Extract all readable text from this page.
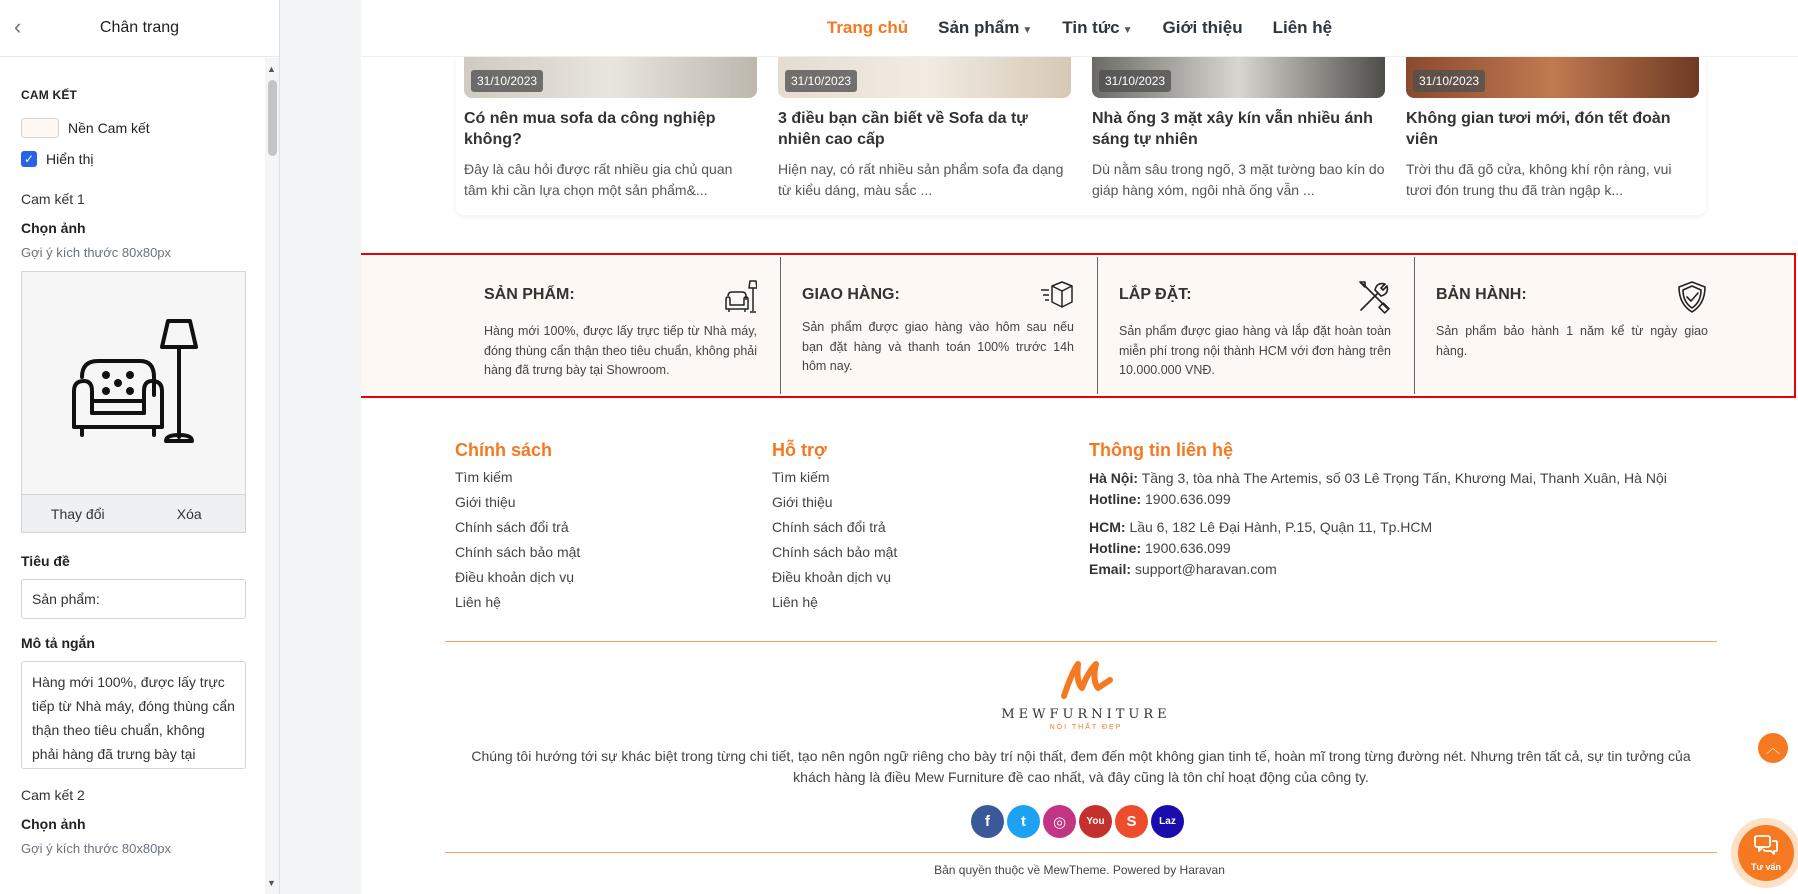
‹	Chân trang
CAM KẾT
Nền Cam kết
✓ Hiển thị
Cam kết 1
Chọn ảnh
Gợi ý kích thước 80x80px
Thay đổi	Xóa
Tiêu đề
Sản phẩm:
Mô tả ngắn
Hàng mới 100%, được lấy trực tiếp từ Nhà máy, đóng thùng cẩn thận theo tiêu chuẩn, không phải hàng đã trưng bày tại
Cam kết 2
Chọn ảnh
Gợi ý kích thước 80x80px
▲
▼
Trang chủ Sản phẩm ▼ Tin tức ▼ Giới thiệu Liên hệ
31/10/2023
Có nên mua sofa da công nghiệp không?
Đây là câu hỏi được rất nhiều gia chủ quan tâm khi cần lựa chọn một sản phẩm&...
31/10/2023
3 điều bạn cần biết về Sofa da tự nhiên cao cấp
Hiện nay, có rất nhiều sản phẩm sofa đa dạng từ kiểu dáng, màu sắc ...
31/10/2023
Nhà ống 3 mặt xây kín vẫn nhiều ánh sáng tự nhiên
Dù nằm sâu trong ngõ, 3 mặt tường bao kín do giáp hàng xóm, ngôi nhà ống vẫn ...
31/10/2023
Không gian tươi mới, đón tết đoàn viên
Trời thu đã gõ cửa, không khí rộn ràng, vui tươi đón trung thu đã tràn ngập k...
SẢN PHẨM:
Hàng mới 100%, được lấy trực tiếp từ Nhà máy, đóng thùng cẩn thận theo tiêu chuẩn, không phải hàng đã trưng bày tại Showroom.
GIAO HÀNG:
Sản phẩm được giao hàng vào hôm sau nếu bạn đặt hàng và thanh toán 100% trước 14h hôm nay.
LẮP ĐẶT:
Sản phẩm được giao hàng và lắp đặt hoàn toàn miễn phí trong nội thành HCM với đơn hàng trên 10.000.000 VNĐ.
BẢN HÀNH:
Sản phẩm bảo hành 1 năm kể từ ngày giao hàng.
Chính sách
Tìm kiếm
Giới thiệu
Chính sách đổi trả
Chính sách bảo mật
Điều khoản dịch vụ
Liên hệ
Hỗ trợ
Tìm kiếm
Giới thiệu
Chính sách đổi trả
Chính sách bảo mật
Điều khoản dịch vụ
Liên hệ
Thông tin liên hệ
Hà Nội: Tầng 3, tòa nhà The Artemis, số 03 Lê Trọng Tấn, Khương Mai, Thanh Xuân, Hà Nội
Hotline: 1900.636.099
HCM: Lầu 6, 182 Lê Đại Hành, P.15, Quận 11, Tp.HCM
Hotline: 1900.636.099
Email: support@haravan.com
MEWFURNITURE
NỘI THẤT ĐẸP
Chúng tôi hướng tới sự khác biệt trong từng chi tiết, tạo nên ngôn ngữ riêng cho bày trí nội thất, đem đến một không gian tinh tế, hoàn mĩ trong từng đường nét. Nhưng trên tất cả, sự tin tưởng của khách hàng là điều Mew Furniture đề cao nhất, và đây cũng là tôn chỉ hoạt động của công ty.
f	t	◎	You	S	Laz
Bản quyền thuộc về MewTheme. Powered by Haravan
︿
Tư vấn
